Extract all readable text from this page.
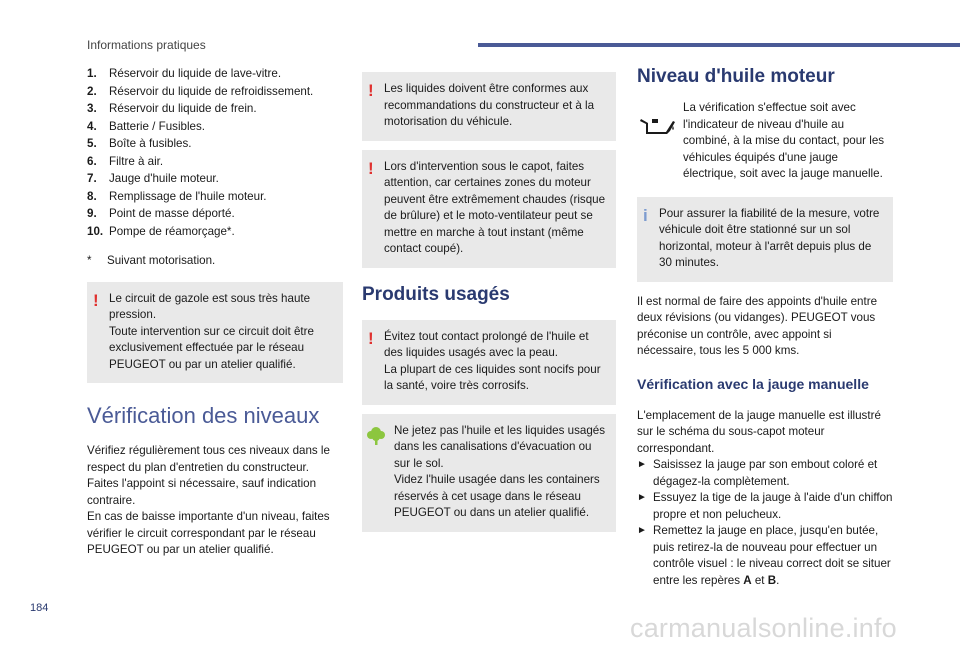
Informations pratiques
1.	Réservoir du liquide de lave-vitre.
2.	Réservoir du liquide de refroidissement.
3.	Réservoir du liquide de frein.
4.	Batterie / Fusibles.
5.	Boîte à fusibles.
6.	Filtre à air.
7.	Jauge d'huile moteur.
8.	Remplissage de l'huile moteur.
9.	Point de masse déporté.
10. Pompe de réamorçage*.
*	Suivant motorisation.
! Le circuit de gazole est sous très haute pression.
Toute intervention sur ce circuit doit être exclusivement effectuée par le réseau PEUGEOT ou par un atelier qualifié.

Vérification des niveaux

Vérifiez régulièrement tous ces niveaux dans le respect du plan d'entretien du constructeur. Faites l'appoint si nécessaire, sauf indication contraire.
En cas de baisse importante d'un niveau, faites vérifier le circuit correspondant par le réseau PEUGEOT ou par un atelier qualifié.

! Les liquides doivent être conformes aux recommandations du constructeur et à la motorisation du véhicule.

! Lors d'intervention sous le capot, faites attention, car certaines zones du moteur peuvent être extrêmement chaudes (risque de brûlure) et le moto-ventilateur peut se mettre en marche à tout instant (même contact coupé).

Produits usagés
! Évitez tout contact prolongé de l'huile et des liquides usagés avec la peau.
La plupart de ces liquides sont nocifs pour la santé, voire très corrosifs.

Ne jetez pas l'huile et les liquides usagés dans les canalisations d'évacuation ou sur le sol.
Videz l'huile usagée dans les containers réservés à cet usage dans le réseau PEUGEOT ou dans un atelier qualifié.

Niveau d'huile moteur

La vérification s'effectue soit avec l'indicateur de niveau d'huile au combiné, à la mise du contact, pour les véhicules équipés d'une jauge électrique, soit avec la jauge manuelle.

i Pour assurer la fiabilité de la mesure, votre véhicule doit être stationné sur un sol horizontal, moteur à l'arrêt depuis plus de 30 minutes.

Il est normal de faire des appoints d'huile entre deux révisions (ou vidanges). PEUGEOT vous préconise un contrôle, avec appoint si nécessaire, tous les 5 000 kms.

Vérification avec la jauge manuelle

L'emplacement de la jauge manuelle est illustré sur le schéma du sous-capot moteur correspondant.

► Saisissez la jauge par son embout coloré et dégagez-la complètement.
► Essuyez la tige de la jauge à l'aide d'un chiffon propre et non pelucheux.
► Remettez la jauge en place, jusqu'en butée, puis retirez-la de nouveau pour effectuer un contrôle visuel : le niveau correct doit se situer entre les repères A et B.
184
carmanualsonline.info
